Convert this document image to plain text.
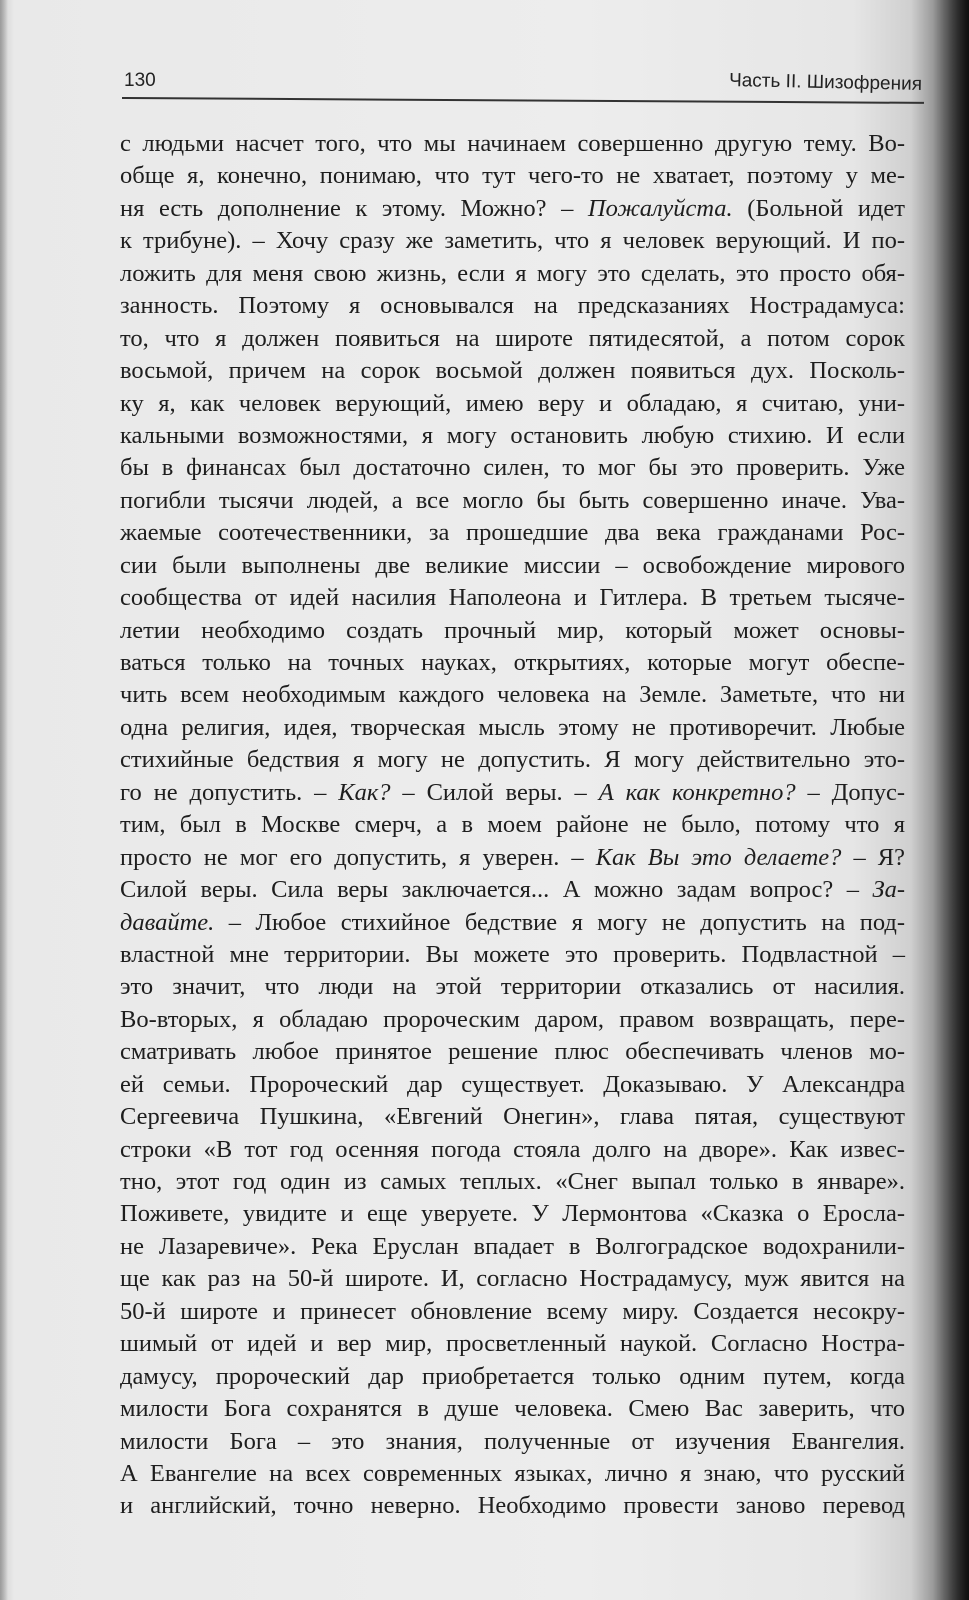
130	Часть II. Шизофрения
с людьми насчет того, что мы начинаем совершенно другую тему. Во-
обще я, конечно, понимаю, что тут чего-то не хватает, поэтому у ме-
ня есть дополнение к этому. Можно? – Пожалуйста. (Больной идет
к трибуне). – Хочу сразу же заметить, что я человек верующий. И по-
ложить для меня свою жизнь, если я могу это сделать, это просто обя-
занность. Поэтому я основывался на предсказаниях Нострадамуса:
то, что я должен появиться на широте пятидесятой, а потом сорок
восьмой, причем на сорок восьмой должен появиться дух. Посколь-
ку я, как человек верующий, имею веру и обладаю, я считаю, уни-
кальными возможностями, я могу остановить любую стихию. И если
бы в финансах был достаточно силен, то мог бы это проверить. Уже
погибли тысячи людей, а все могло бы быть совершенно иначе. Ува-
жаемые соотечественники, за прошедшие два века гражданами Рос-
сии были выполнены две великие миссии – освобождение мирового
сообщества от идей насилия Наполеона и Гитлера. В третьем тысяче-
летии необходимо создать прочный мир, который может основы-
ваться только на точных науках, открытиях, которые могут обеспе-
чить всем необходимым каждого человека на Земле. Заметьте, что ни
одна религия, идея, творческая мысль этому не противоречит. Любые
стихийные бедствия я могу не допустить. Я могу действительно это-
го не допустить. – Как? – Силой веры. – А как конкретно? – Допус-
тим, был в Москве смерч, а в моем районе не было, потому что я
просто не мог его допустить, я уверен. – Как Вы это делаете? – Я?
Силой веры. Сила веры заключается... А можно задам вопрос? – За-
давайте. – Любое стихийное бедствие я могу не допустить на под-
властной мне территории. Вы можете это проверить. Подвластной –
это значит, что люди на этой территории отказались от насилия.
Во-вторых, я обладаю пророческим даром, правом возвращать, пере-
сматривать любое принятое решение плюс обеспечивать членов мо-
ей семьи. Пророческий дар существует. Доказываю. У Александра
Сергеевича Пушкина, «Евгений Онегин», глава пятая, существуют
строки «В тот год осенняя погода стояла долго на дворе». Как извес-
тно, этот год один из самых теплых. «Снег выпал только в январе».
Поживете, увидите и еще уверуете. У Лермонтова «Сказка о Еросла-
не Лазаревиче». Река Еруслан впадает в Волгоградское водохранили-
ще как раз на 50-й широте. И, согласно Нострадамусу, муж явится на
50-й широте и принесет обновление всему миру. Создается несокру-
шимый от идей и вер мир, просветленный наукой. Согласно Нострa-
дамусу, пророческий дар приобретается только одним путем, когда
милости Бога сохранятся в душе человека. Смею Вас заверить, что
милости Бога – это знания, полученные от изучения Евангелия.
А Евангелие на всех современных языках, лично я знаю, что русский
и английский, точно неверно. Необходимо провести заново перевод
